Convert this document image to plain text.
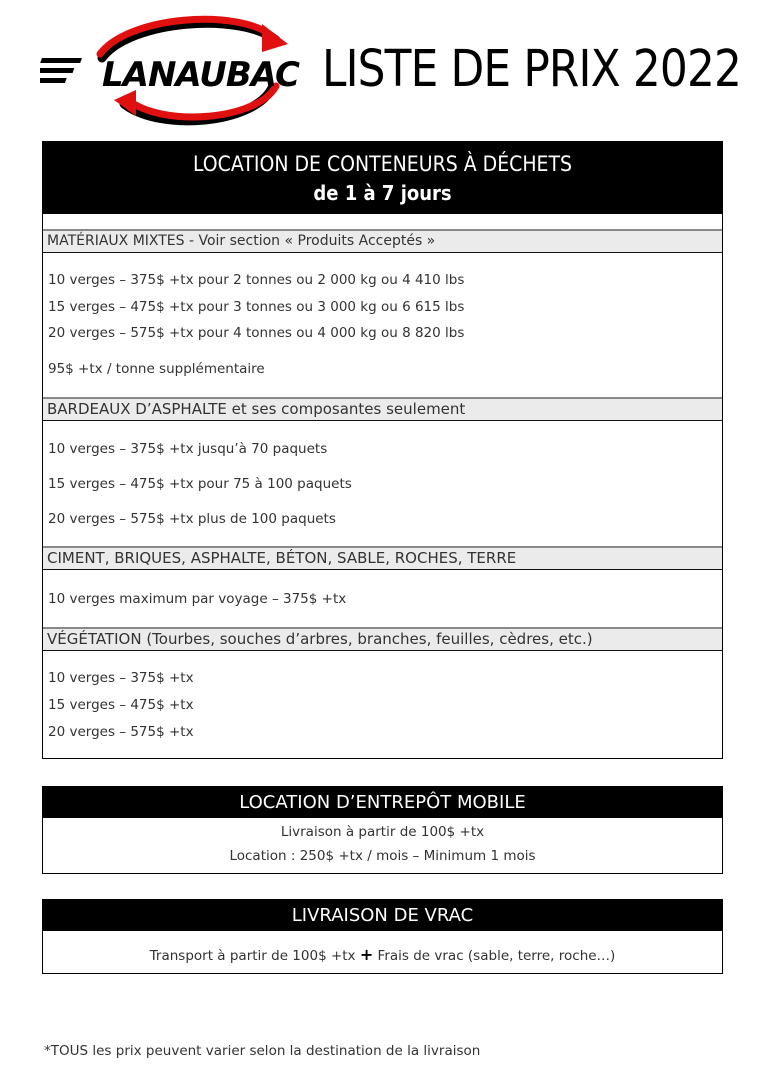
LANAUBAC LISTE DE PRIX 2022
LOCATION DE CONTENEURS À DÉCHETS
de 1 à 7 jours
MATÉRIAUX MIXTES - Voir section « Produits Acceptés »
10 verges – 375$ +tx pour 2 tonnes ou 2 000 kg ou 4 410 lbs
15 verges – 475$ +tx pour 3 tonnes ou 3 000 kg ou 6 615 lbs
20 verges – 575$ +tx pour 4 tonnes ou 4 000 kg ou 8 820 lbs
95$ +tx / tonne supplémentaire
BARDEAUX D’ASPHALTE et ses composantes seulement
10 verges – 375$ +tx jusqu’à 70 paquets
15 verges – 475$ +tx pour 75 à 100 paquets
20 verges – 575$ +tx plus de 100 paquets
CIMENT, BRIQUES, ASPHALTE, BÉTON, SABLE, ROCHES, TERRE
10 verges maximum par voyage – 375$ +tx
VÉGÉTATION (Tourbes, souches d’arbres, branches, feuilles, cèdres, etc.)
10 verges – 375$ +tx
15 verges – 475$ +tx
20 verges – 575$ +tx
LOCATION D’ENTREPÔT MOBILE
Livraison à partir de 100$ +tx
Location : 250$ +tx / mois – Minimum 1 mois
LIVRAISON DE VRAC
Transport à partir de 100$ +tx + Frais de vrac (sable, terre, roche…)
*TOUS les prix peuvent varier selon la destination de la livraison
